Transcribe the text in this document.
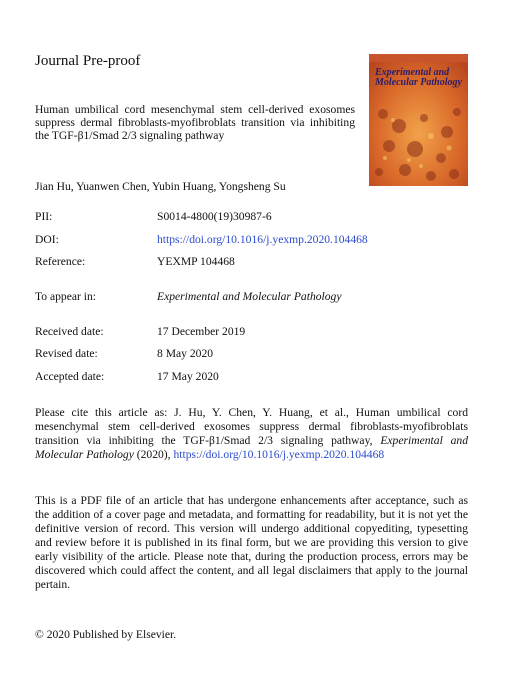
Journal Pre-proof
Experimental and Molecular Pathology
Human umbilical cord mesenchymal stem cell-derived exosomes suppress dermal fibroblasts-myofibroblats transition via inhibiting the TGF-β1/Smad 2/3 signaling pathway
Jian Hu, Yuanwen Chen, Yubin Huang, Yongsheng Su
PII:	S0014-4800(19)30987-6
DOI:	https://doi.org/10.1016/j.yexmp.2020.104468
Reference:	YEXMP 104468
To appear in:	Experimental and Molecular Pathology
Received date:	17 December 2019
Revised date:	8 May 2020
Accepted date:	17 May 2020
Please cite this article as: J. Hu, Y. Chen, Y. Huang, et al., Human umbilical cord mesenchymal stem cell-derived exosomes suppress dermal fibroblasts-myofibroblats transition via inhibiting the TGF-β1/Smad 2/3 signaling pathway, Experimental and Molecular Pathology (2020), https://doi.org/10.1016/j.yexmp.2020.104468
This is a PDF file of an article that has undergone enhancements after acceptance, such as the addition of a cover page and metadata, and formatting for readability, but it is not yet the definitive version of record. This version will undergo additional copyediting, typesetting and review before it is published in its final form, but we are providing this version to give early visibility of the article. Please note that, during the production process, errors may be discovered which could affect the content, and all legal disclaimers that apply to the journal pertain.
© 2020 Published by Elsevier.
